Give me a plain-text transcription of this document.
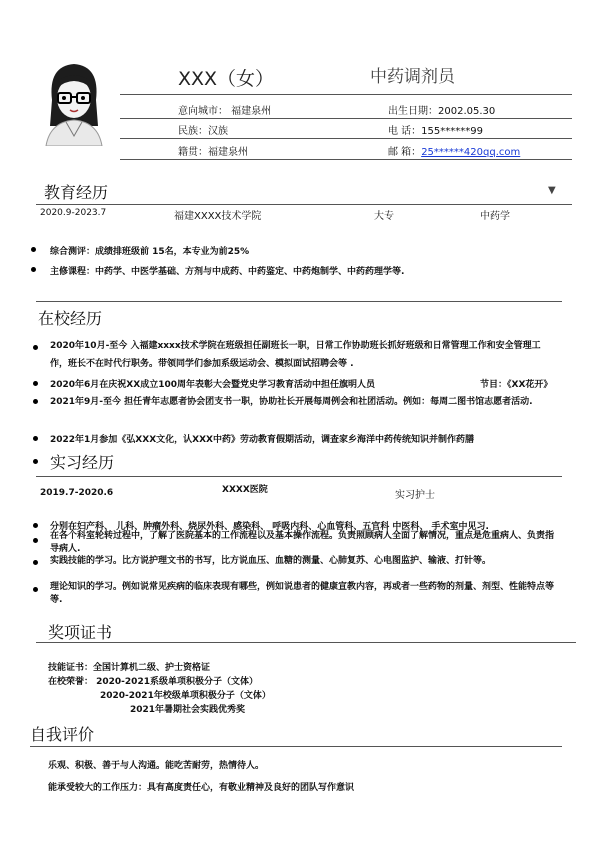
XXX（女）	中药调剂员
意向城市： 福建泉州	出生日期：2002.05.30
民族：汉族	电 话：155******99
籍贯：福建泉州	邮 箱：25******420qq.com
教育经历	▼
2020.9-2023.7	福建XXXX技术学院	大专	中药学
综合测评：成绩排班级前 15名，本专业为前25%
主修课程：中药学、中医学基础、方剂与中成药、中药鉴定、中药炮制学、中药药理学等.
在校经历
2020年10月-至今 入福建xxxx技术学院在班级担任副班长一职，日常工作协助班长抓好班级和日常管理工作和安全管理工作，班长不在时代行职务。带领同学们参加系级运动会、模拟面试招聘会等 .
2020年6月在庆祝XX成立100周年表彰大会暨党史学习教育活动中担任旗明人员	节目：《XX花开》
2021年9月-至今 担任青年志愿者协会团支书一职，协助社长开展每周例会和社团活动。例如：每周二图书馆志愿者活动.
2022年1月参加《弘XXX文化，认XXX中药》劳动教育假期活动，调查家乡海洋中药传统知识并制作药膳
实习经历
2019.7-2020.6	XXXX医院	实习护士
分别在妇产科、 儿科、肿瘤外科、烧尿外科、感染科、 呼吸内科、心血管科、五官科 中医科、 手术室中见习.
在各个科室轮转过程中，了解了医院基本的工作流程以及基本操作流程。负责照顾病人全面了解情况，重点是危重病人、负责指导病人.
实践技能的学习。比方说护理文书的书写，比方说血压、血糖的测量、心肺复苏、心电图监护、输液、打针等。
理论知识的学习。例如说常见疾病的临床表现有哪些，例如说患者的健康宣教内容，再或者一些药物的剂量、剂型、性能特点等等.
奖项证书
技能证书：全国计算机二级、护士资格证
在校荣誉： 2020-2021系级单项积极分子（文体）
2020-2021年校级单项积极分子（文体）
2021年暑期社会实践优秀奖
自我评价
乐观、积极、善于与人沟通。能吃苦耐劳，热情待人。
能承受较大的工作压力：具有高度责任心，有敬业精神及良好的团队写作意识
